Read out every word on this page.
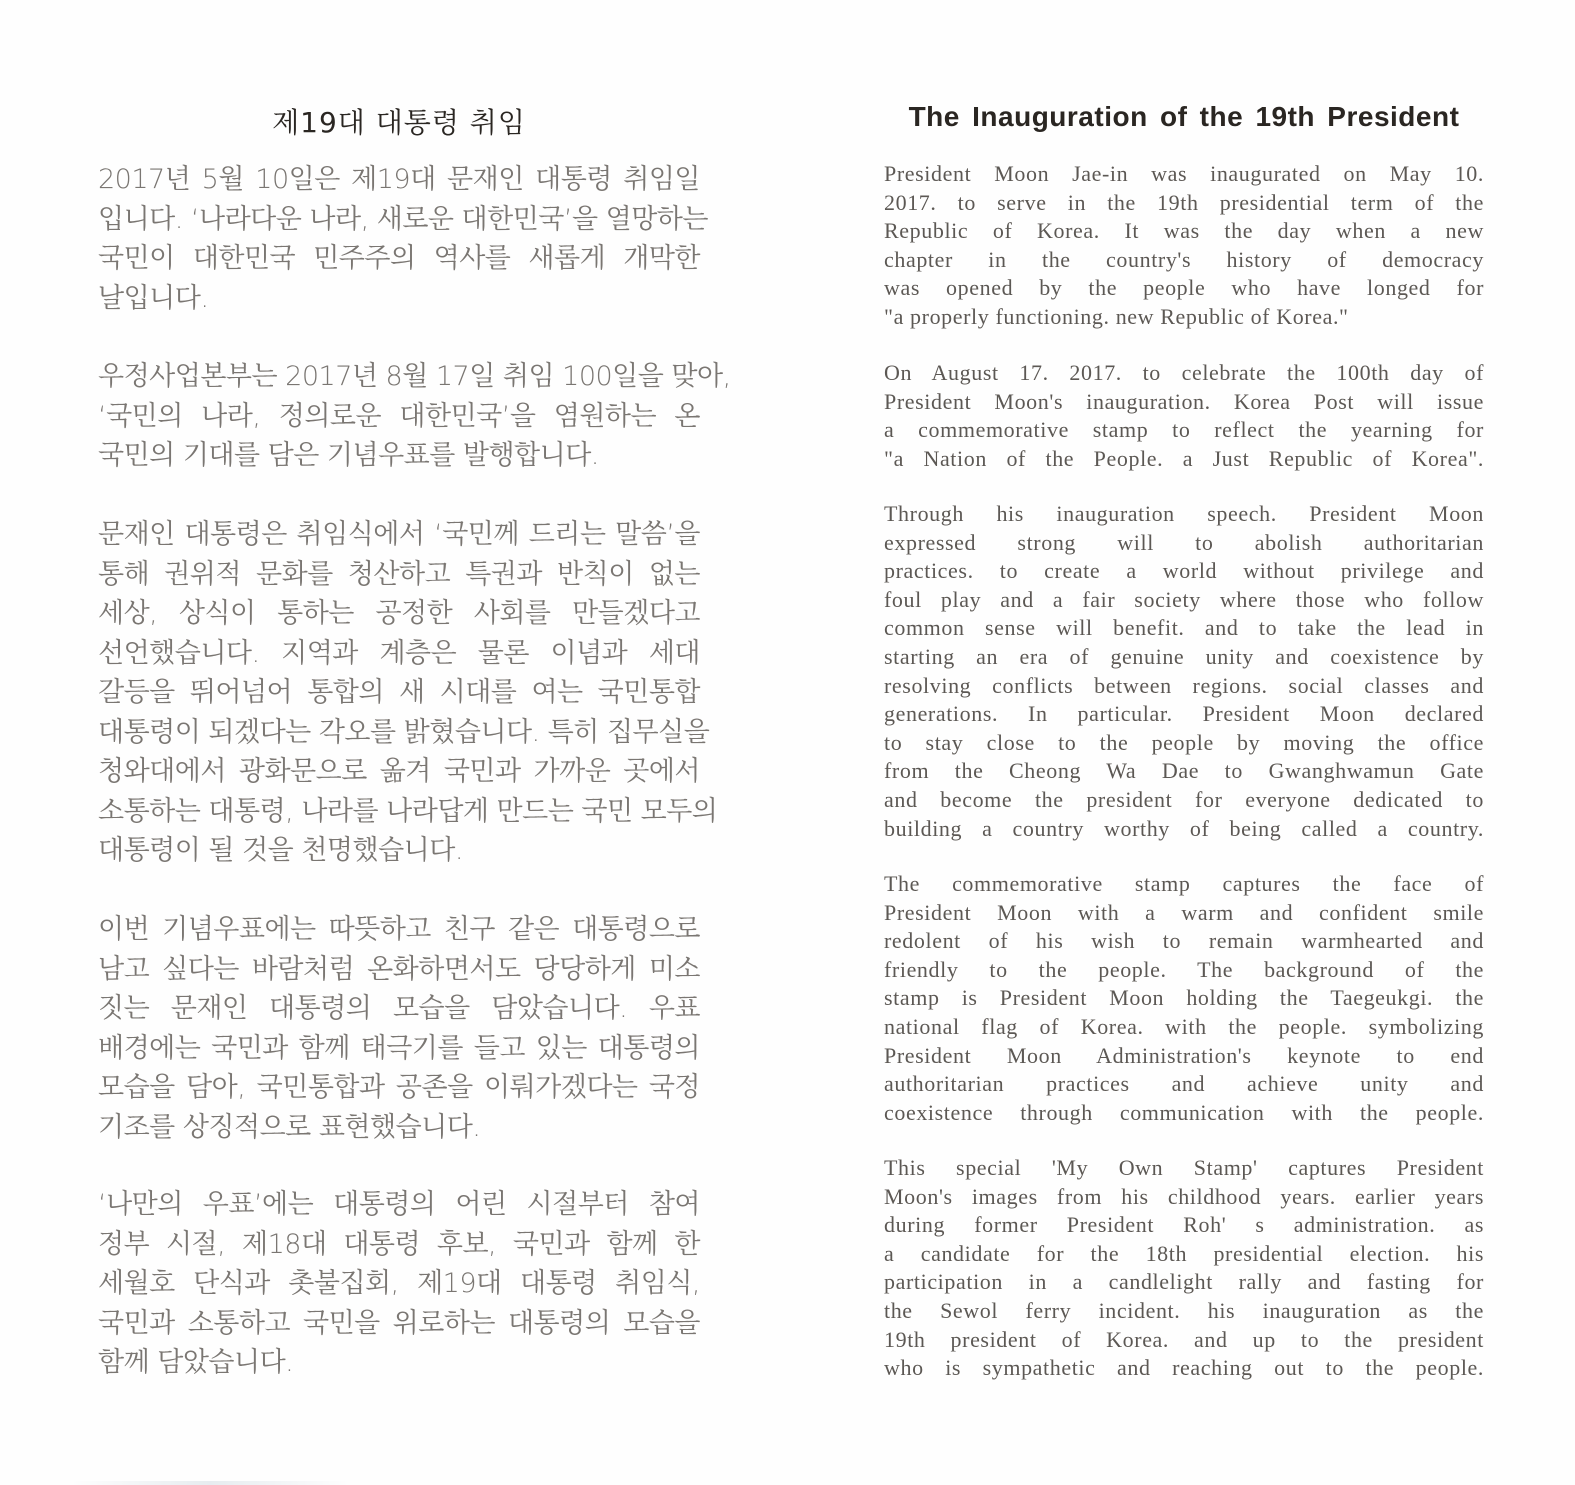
제19대 대통령 취임

2017년 5월 10일은 제19대 문재인 대통령 취임일
입니다. ‘나라다운 나라, 새로운 대한민국’을 열망하는
국민이 대한민국 민주주의 역사를 새롭게 개막한
날입니다.

우정사업본부는 2017년 8월 17일 취임 100일을 맞아,
‘국민의 나라, 정의로운 대한민국’을 염원하는 온
국민의 기대를 담은 기념우표를 발행합니다.

문재인 대통령은 취임식에서 ‘국민께 드리는 말씀’을
통해 권위적 문화를 청산하고 특권과 반칙이 없는
세상, 상식이 통하는 공정한 사회를 만들겠다고
선언했습니다. 지역과 계층은 물론 이념과 세대
갈등을 뛰어넘어 통합의 새 시대를 여는 국민통합
대통령이 되겠다는 각오를 밝혔습니다. 특히 집무실을
청와대에서 광화문으로 옮겨 국민과 가까운 곳에서
소통하는 대통령, 나라를 나라답게 만드는 국민 모두의
대통령이 될 것을 천명했습니다.

이번 기념우표에는 따뜻하고 친구 같은 대통령으로
남고 싶다는 바람처럼 온화하면서도 당당하게 미소
짓는 문재인 대통령의 모습을 담았습니다. 우표
배경에는 국민과 함께 태극기를 들고 있는 대통령의
모습을 담아, 국민통합과 공존을 이뤄가겠다는 국정
기조를 상징적으로 표현했습니다.

‘나만의 우표’에는 대통령의 어린 시절부터 참여
정부 시절, 제18대 대통령 후보, 국민과 함께 한
세월호 단식과 촛불집회, 제19대 대통령 취임식,
국민과 소통하고 국민을 위로하는 대통령의 모습을
함께 담았습니다.

The Inauguration of the 19th President

President Moon Jae-in was inaugurated on May 10.
2017. to serve in the 19th presidential term of the
Republic of Korea. It was the day when a new
chapter in the country's history of democracy
was opened by the people who have longed for
"a properly functioning. new Republic of Korea."

On August 17. 2017. to celebrate the 100th day of
President Moon's inauguration. Korea Post will issue
a commemorative stamp to reflect the yearning for
"a Nation of the People. a Just Republic of Korea".

Through his inauguration speech. President Moon
expressed strong will to abolish authoritarian
practices. to create a world without privilege and
foul play and a fair society where those who follow
common sense will benefit. and to take the lead in
starting an era of genuine unity and coexistence by
resolving conflicts between regions. social classes and
generations. In particular. President Moon declared
to stay close to the people by moving the office
from the Cheong Wa Dae to Gwanghwamun Gate
and become the president for everyone dedicated to
building a country worthy of being called a country.

The commemorative stamp captures the face of
President Moon with a warm and confident smile
redolent of his wish to remain warmhearted and
friendly to the people. The background of the
stamp is President Moon holding the Taegeukgi. the
national flag of Korea. with the people. symbolizing
President Moon Administration's keynote to end
authoritarian practices and achieve unity and
coexistence through communication with the people.

This special 'My Own Stamp' captures President
Moon's images from his childhood years. earlier years
during former President Roh' s administration. as
a candidate for the 18th presidential election. his
participation in a candlelight rally and fasting for
the Sewol ferry incident. his inauguration as the
19th president of Korea. and up to the president
who is sympathetic and reaching out to the people.
